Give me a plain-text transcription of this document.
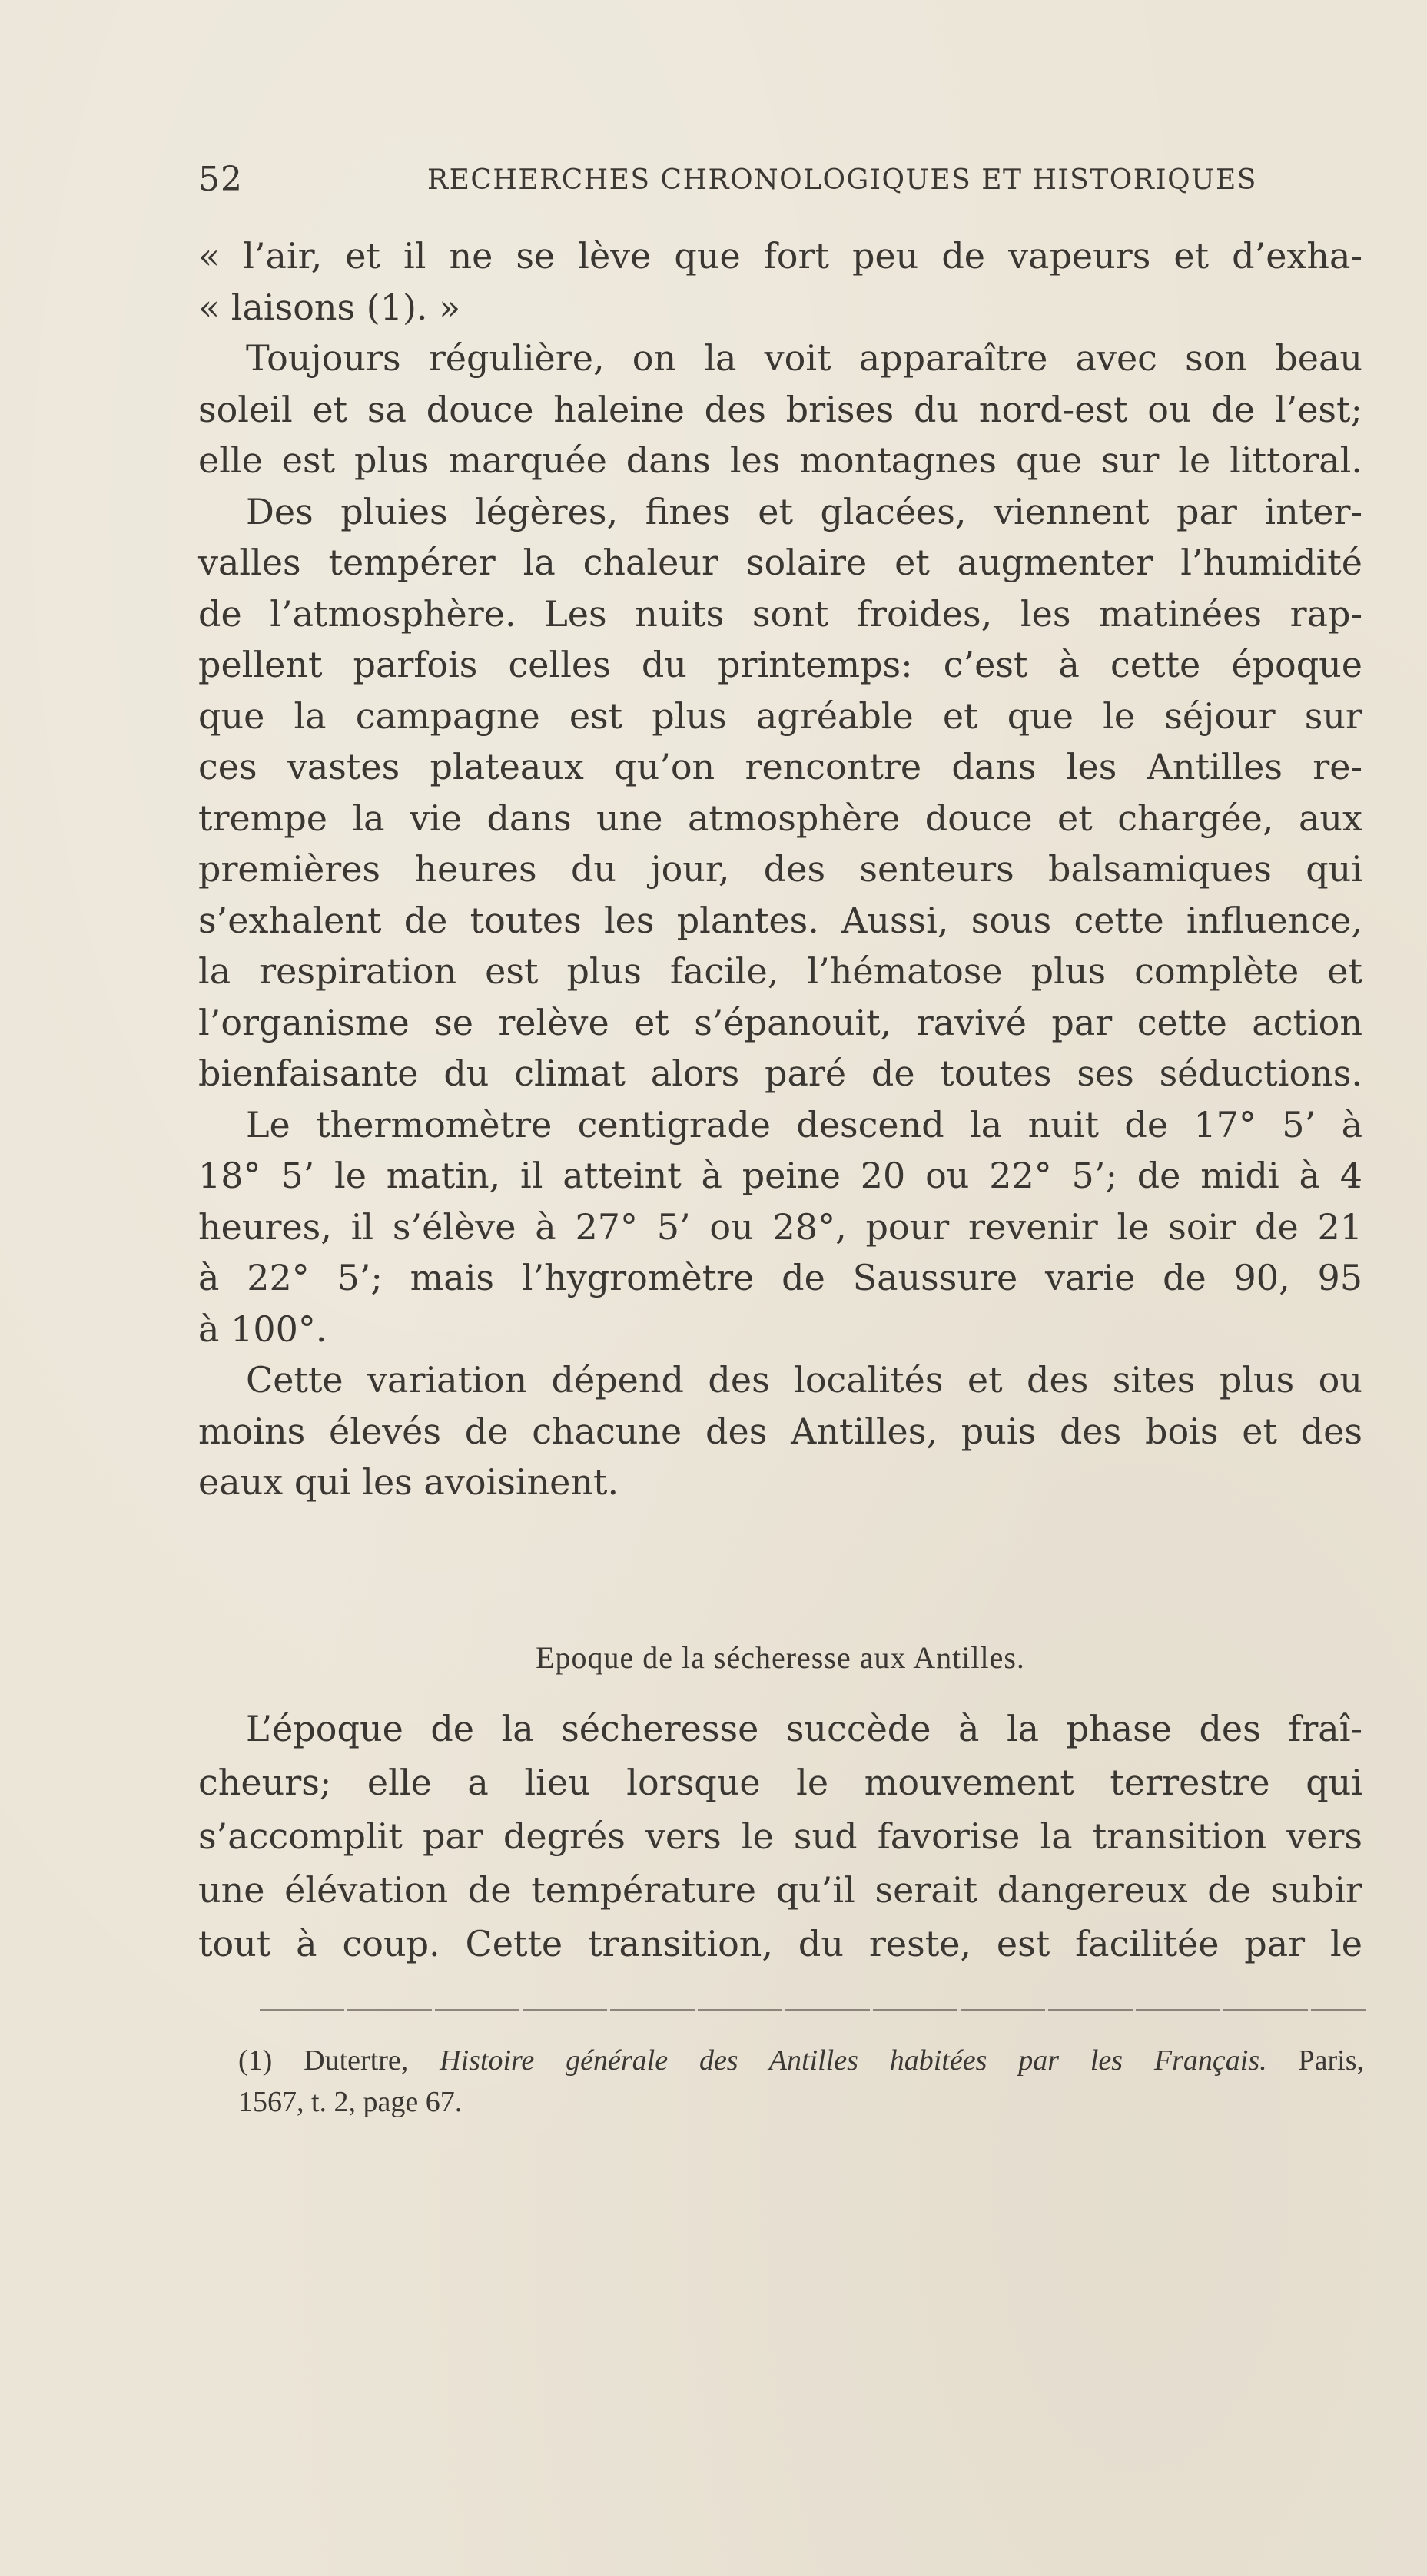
52	RECHERCHES CHRONOLOGIQUES ET HISTORIQUES
« l’air, et il ne se lève que fort peu de vapeurs et d’exha-
« laisons (1). »
Toujours régulière, on la voit apparaître avec son beau
soleil et sa douce haleine des brises du nord-est ou de l’est;
elle est plus marquée dans les montagnes que sur le littoral.
Des pluies légères, fines et glacées, viennent par inter-
valles tempérer la chaleur solaire et augmenter l’humidité
de l’atmosphère. Les nuits sont froides, les matinées rap-
pellent parfois celles du printemps: c’est à cette époque
que la campagne est plus agréable et que le séjour sur
ces vastes plateaux qu’on rencontre dans les Antilles re-
trempe la vie dans une atmosphère douce et chargée, aux
premières heures du jour, des senteurs balsamiques qui
s’exhalent de toutes les plantes. Aussi, sous cette influence,
la respiration est plus facile, l’hématose plus complète et
l’organisme se relève et s’épanouit, ravivé par cette action
bienfaisante du climat alors paré de toutes ses séductions.
Le thermomètre centigrade descend la nuit de 17° 5’ à
18° 5’ le matin, il atteint à peine 20 ou 22° 5’; de midi à 4
heures, il s’élève à 27° 5’ ou 28°, pour revenir le soir de 21
à 22° 5’; mais l’hygromètre de Saussure varie de 90, 95
à 100°.
Cette variation dépend des localités et des sites plus ou
moins élevés de chacune des Antilles, puis des bois et des
eaux qui les avoisinent.
Epoque de la sécheresse aux Antilles.
L’époque de la sécheresse succède à la phase des fraî-
cheurs; elle a lieu lorsque le mouvement terrestre qui
s’accomplit par degrés vers le sud favorise la transition vers
une élévation de température qu’il serait dangereux de subir
tout à coup. Cette transition, du reste, est facilitée par le
(1) Dutertre, Histoire générale des Antilles habitées par les Français. Paris,
1567, t. 2, page 67.
